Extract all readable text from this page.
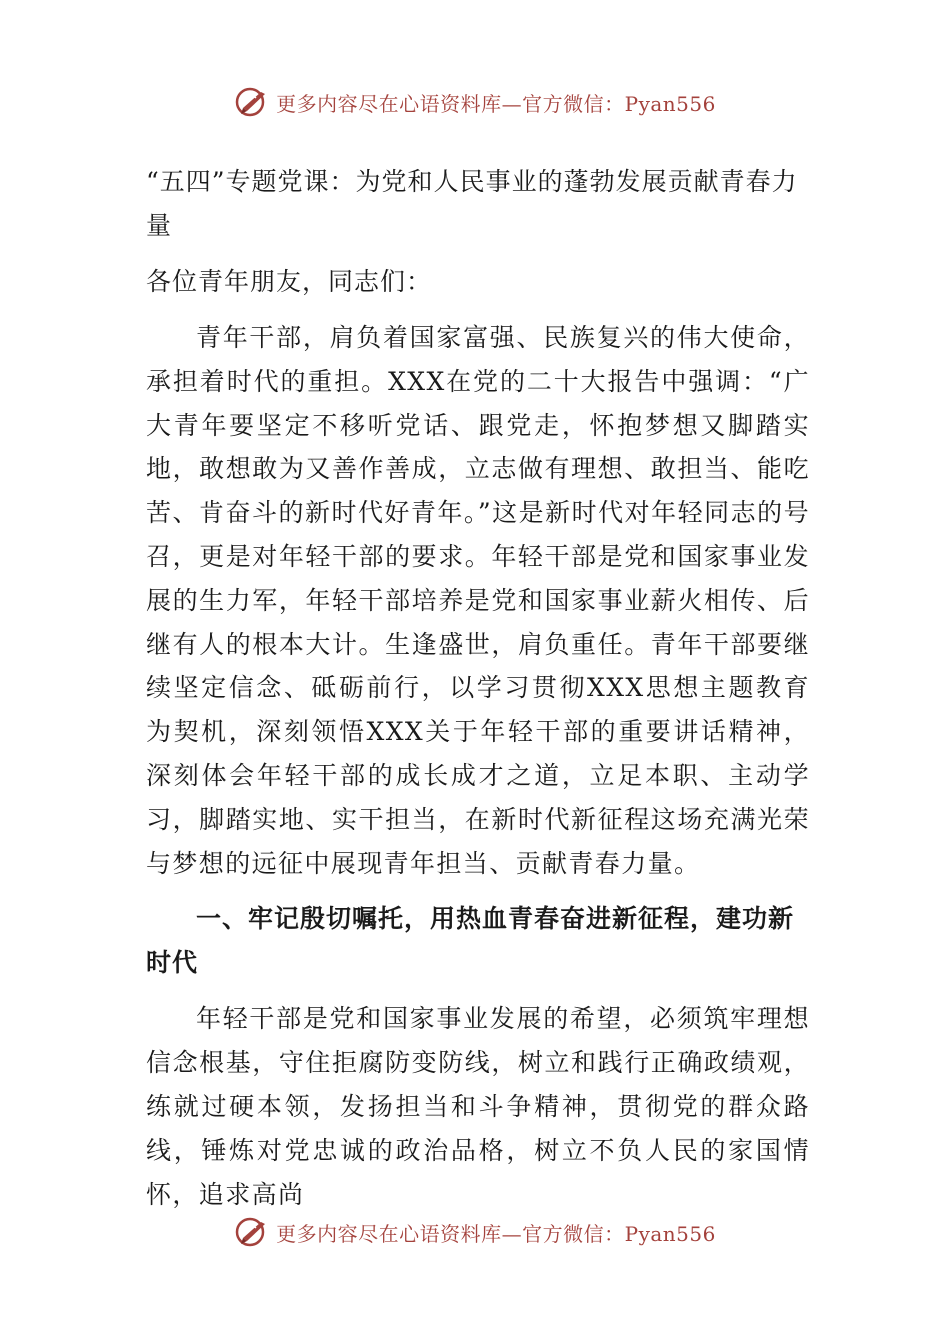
更多内容尽在心语资料库—官方微信：Pyan556
“五四”专题党课：为党和人民事业的蓬勃发展贡献青春力量

各位青年朋友，同志们：

青年干部，肩负着国家富强、民族复兴的伟大使命，承担着时代的重担。XXX在党的二十大报告中强调：“广大青年要坚定不移听党话、跟党走，怀抱梦想又脚踏实地，敢想敢为又善作善成，立志做有理想、敢担当、能吃苦、肯奋斗的新时代好青年。”这是新时代对年轻同志的号召，更是对年轻干部的要求。年轻干部是党和国家事业发展的生力军，年轻干部培养是党和国家事业薪火相传、后继有人的根本大计。生逢盛世，肩负重任。青年干部要继续坚定信念、砥砺前行，以学习贯彻XXX思想主题教育为契机，深刻领悟XXX关于年轻干部的重要讲话精神，深刻体会年轻干部的成长成才之道，立足本职、主动学习，脚踏实地、实干担当，在新时代新征程这场充满光荣与梦想的远征中展现青年担当、贡献青春力量。

一、牢记殷切嘱托，用热血青春奋进新征程，建功新时代

年轻干部是党和国家事业发展的希望，必须筑牢理想信念根基，守住拒腐防变防线，树立和践行正确政绩观，练就过硬本领，发扬担当和斗争精神，贯彻党的群众路线，锤炼对党忠诚的政治品格，树立不负人民的家国情怀，追求高尚

更多内容尽在心语资料库—官方微信：Pyan556
